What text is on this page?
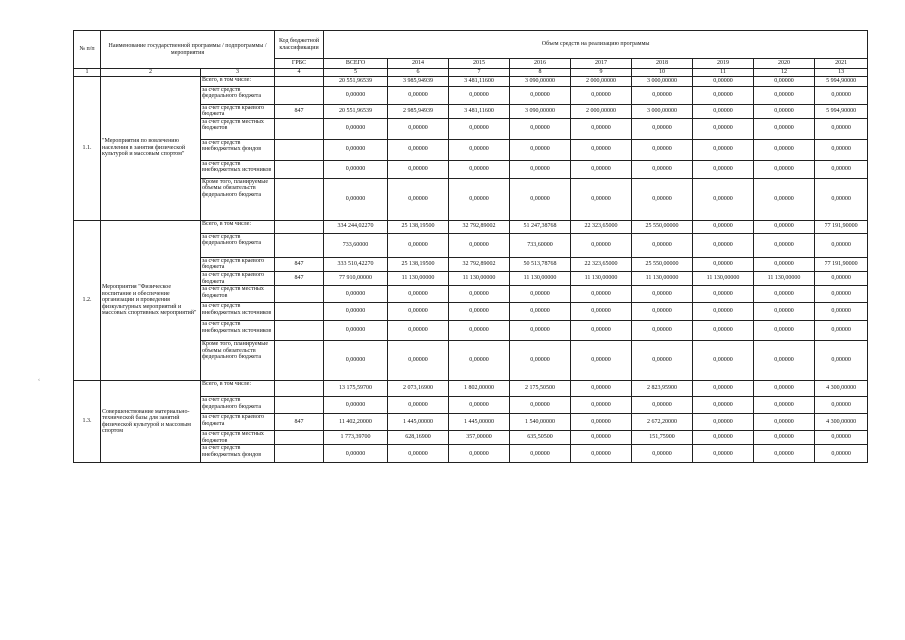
№ п/п	Наименование государственной программы / подпрограммы / мероприятия		Код бюджетной классификации	Объем средств на реализацию программы								
			ГРБС	ВСЕГО	2014	2015	2016	2017	2018	2019	2020	2021
1	2	3	4	5	6	7	8	9	10	11	12	13
1.1.	"Мероприятия по вовлечению населения в занятия физической культурой и массовым спортом"	Всего, в том числе:		20 551,96539	3 985,94939	3 481,11600	3 090,00000	2 000,00000	3 000,00000	0,00000	0,00000	5 994,90000
		за счет средств федерального бюджета		0,00000	0,00000	0,00000	0,00000	0,00000	0,00000	0,00000	0,00000	0,00000
		за счет средств краевого бюджета	847	20 551,96539	2 985,94939	3 481,11600	3 090,00000	2 000,00000	3 000,00000	0,00000	0,00000	5 994,90000
		за счет средств местных бюджетов		0,00000	0,00000	0,00000	0,00000	0,00000	0,00000	0,00000	0,00000	0,00000
		за счет средств внебюджетных фондов		0,00000	0,00000	0,00000	0,00000	0,00000	0,00000	0,00000	0,00000	0,00000
		за счет средств внебюджетных источников		0,00000	0,00000	0,00000	0,00000	0,00000	0,00000	0,00000	0,00000	0,00000
		Кроме того, планируемые объемы обязательств федерального бюджета		0,00000	0,00000	0,00000	0,00000	0,00000	0,00000	0,00000	0,00000	0,00000
1.2.	Мероприятия "Физическое воспитание и обеспечение организации и проведения физкультурных мероприятий и массовых спортивных мероприятий"	Всего, в том числе:		334 244,02270	25 138,19500	32 792,89002	51 247,38768	22 323,65000	25 550,00000	0,00000	0,00000	77 191,90000
		за счет средств федерального бюджета		733,60000	0,00000	0,00000	733,60000	0,00000	0,00000	0,00000	0,00000	0,00000
		за счет средств краевого бюджета	847	333 510,42270	25 138,19500	32 792,89002	50 513,78768	22 323,65000	25 550,00000	0,00000	0,00000	77 191,90000
		за счет средств краевого бюджета	847	77 910,00000	11 130,00000	11 130,00000	11 130,00000	11 130,00000	11 130,00000	11 130,00000	11 130,00000	0,00000
		за счет средств местных бюджетов		0,00000	0,00000	0,00000	0,00000	0,00000	0,00000	0,00000	0,00000	0,00000
		за счет средств внебюджетных источников		0,00000	0,00000	0,00000	0,00000	0,00000	0,00000	0,00000	0,00000	0,00000
		за счет средств внебюджетных источников		0,00000	0,00000	0,00000	0,00000	0,00000	0,00000	0,00000	0,00000	0,00000
		Кроме того, планируемые объемы обязательств федерального бюджета		0,00000	0,00000	0,00000	0,00000	0,00000	0,00000	0,00000	0,00000	0,00000
1.3.	Совершенствование материально-технической базы для занятий физической культурой и массовым спортом	Всего, в том числе:		13 175,59700	2 073,16900	1 802,00000	2 175,50500	0,00000	2 823,95900	0,00000	0,00000	4 300,00000
		за счет средств федерального бюджета		0,00000	0,00000	0,00000	0,00000	0,00000	0,00000	0,00000	0,00000	0,00000
		за счет средств краевого бюджета	847	11 402,20000	1 445,00000	1 445,00000	1 540,00000	0,00000	2 672,20000	0,00000	0,00000	4 300,00000
		за счет средств местных бюджетов		1 773,39700	628,16900	357,00000	635,50500	0,00000	151,75900	0,00000	0,00000	0,00000
		за счет средств внебюджетных фондов		0,00000	0,00000	0,00000	0,00000	0,00000	0,00000	0,00000	0,00000	0,00000
‹
